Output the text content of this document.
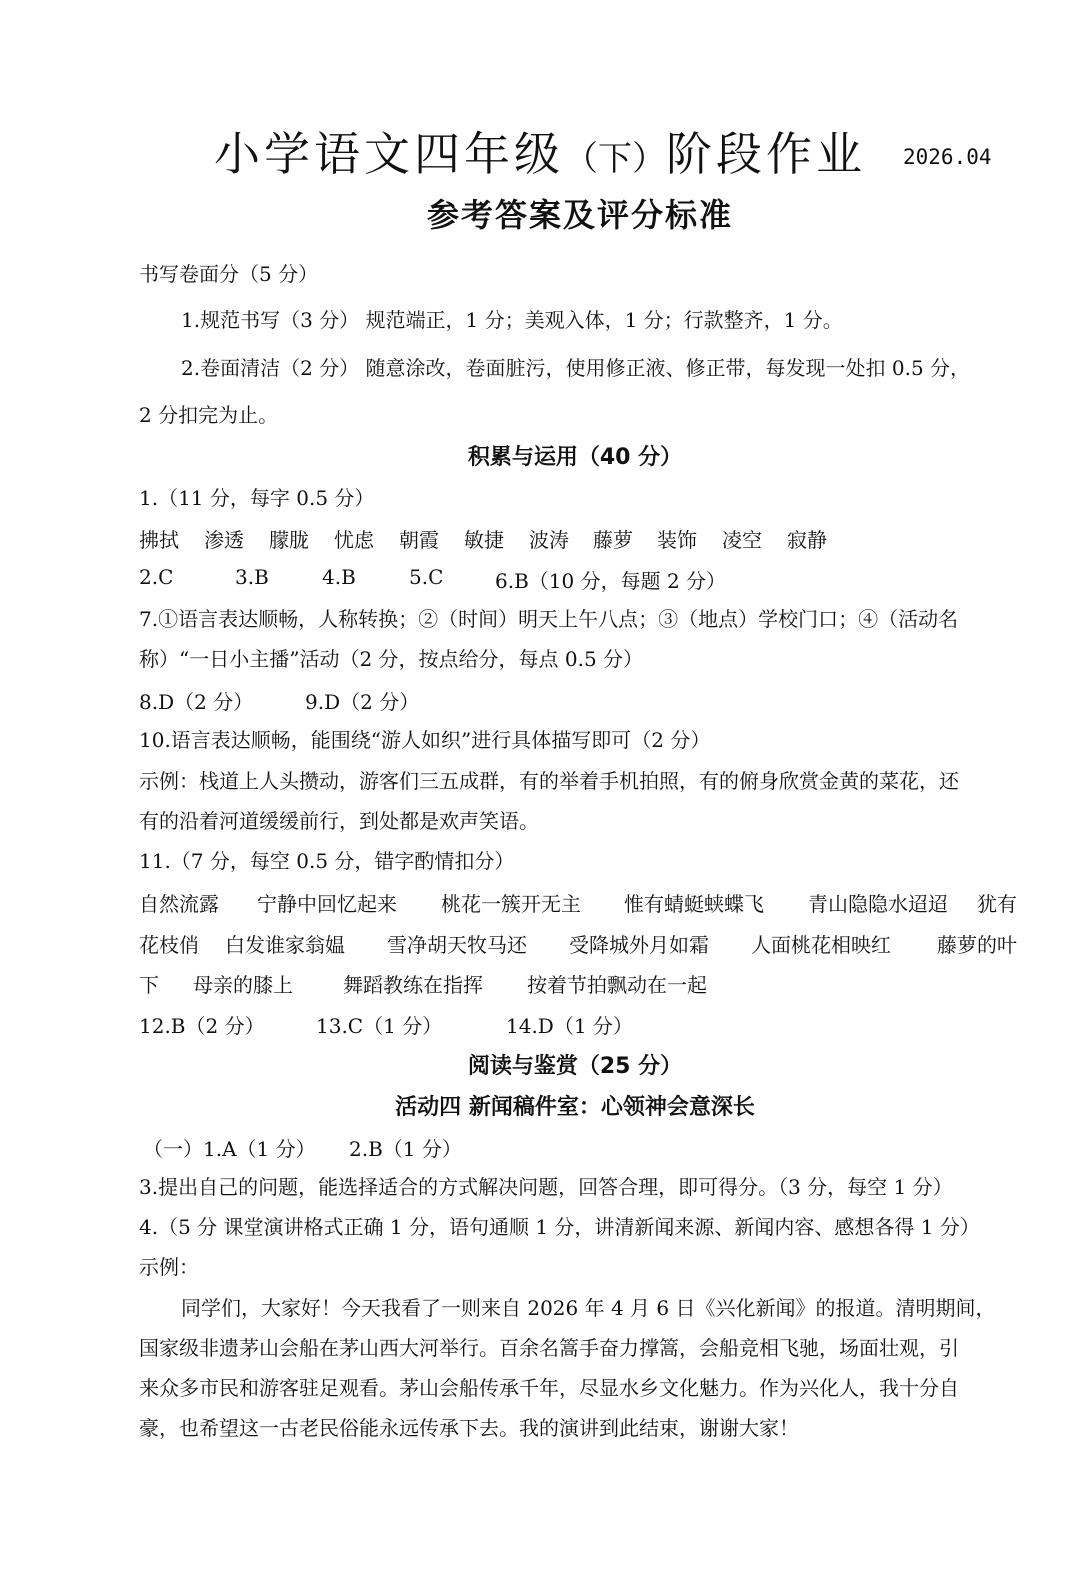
小学语文四年级（下）阶段作业	2026.04
参考答案及评分标准
书写卷面分（5 分）
1.规范书写（3 分） 规范端正，1 分；美观入体，1 分；行款整齐，1 分。
2.卷面清洁（2 分） 随意涂改，卷面脏污，使用修正液、修正带，每发现一处扣 0.5 分，
2 分扣完为止。
积累与运用（40 分）
1.（11 分，每字 0.5 分）
拂拭 渗透 朦胧 忧虑 朝霞 敏捷 波涛 藤萝 装饰 凌空 寂静
2.C	3.B	4.B	5.C	6.B（10 分，每题 2 分）
7.①语言表达顺畅，人称转换；②（时间）明天上午八点；③（地点）学校门口；④（活动名
称）“一日小主播”活动（2 分，按点给分，每点 0.5 分）
8.D（2 分）	9.D（2 分）
10.语言表达顺畅，能围绕“游人如织”进行具体描写即可（2 分）
示例：栈道上人头攒动，游客们三五成群，有的举着手机拍照，有的俯身欣赏金黄的菜花，还
有的沿着河道缓缓前行，到处都是欢声笑语。
11.（7 分，每空 0.5 分，错字酌情扣分）
自然流露 宁静中回忆起来 桃花一簇开无主 惟有蜻蜓蛱蝶飞 青山隐隐水迢迢 犹有
花枝俏 白发谁家翁媪 雪净胡天牧马还 受降城外月如霜 人面桃花相映红 藤萝的叶
下 母亲的膝上	舞蹈教练在指挥 按着节拍飘动在一起
12.B（2 分）	13.C（1 分）	14.D（1 分）
阅读与鉴赏（25 分）
活动四 新闻稿件室：心领神会意深长
（一）1.A（1 分） 2.B（1 分）
3.提出自己的问题，能选择适合的方式解决问题，回答合理，即可得分。（3 分，每空 1 分）
4.（5 分 课堂演讲格式正确 1 分，语句通顺 1 分，讲清新闻来源、新闻内容、感想各得 1 分）
示例：
同学们，大家好！今天我看了一则来自 2026 年 4 月 6 日《兴化新闻》的报道。清明期间，
国家级非遗茅山会船在茅山西大河举行。百余名篙手奋力撑篙，会船竞相飞驰，场面壮观，引
来众多市民和游客驻足观看。茅山会船传承千年，尽显水乡文化魅力。作为兴化人，我十分自
豪，也希望这一古老民俗能永远传承下去。我的演讲到此结束，谢谢大家！
